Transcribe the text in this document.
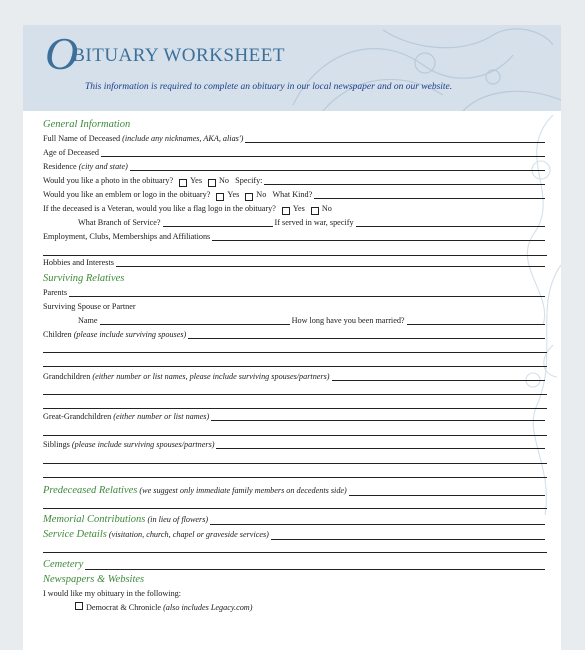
OBITUARY WORKSHEET
This information is required to complete an obituary in our local newspaper and on our website.
General Information
Full Name of Deceased
(include any nicknames, AKA, alias')
Age of Deceased
Residence
(city and state)
Would you like a photo in the obituary? Yes No
Specify:
Would you like an emblem or logo in the obituary? Yes No
What Kind?
If the deceased is a Veteran, would you like a flag logo in the obituary? Yes No
What Branch of Service?	If served in war, specify
Employment, Clubs, Memberships and Affiliations
Hobbies and Interests
Surviving Relatives
Parents
Surviving Spouse or Partner
Name	How long have you been married?
Children
(please include surviving spouses)
Grandchildren
(either number or list names, please include surviving spouses/partners)
Great-Grandchildren
(either number or list names)
Siblings
(please include surviving spouses/partners)
Predeceased Relatives
(we suggest only immediate family members on decedents side)
Memorial Contributions
(in lieu of flowers)
Service Details
(visitation, church, chapel or graveside services)
Cemetery
Newspapers & Websites
I would like my obituary in the following:
Democrat & Chronicle (also includes Legacy.com)
